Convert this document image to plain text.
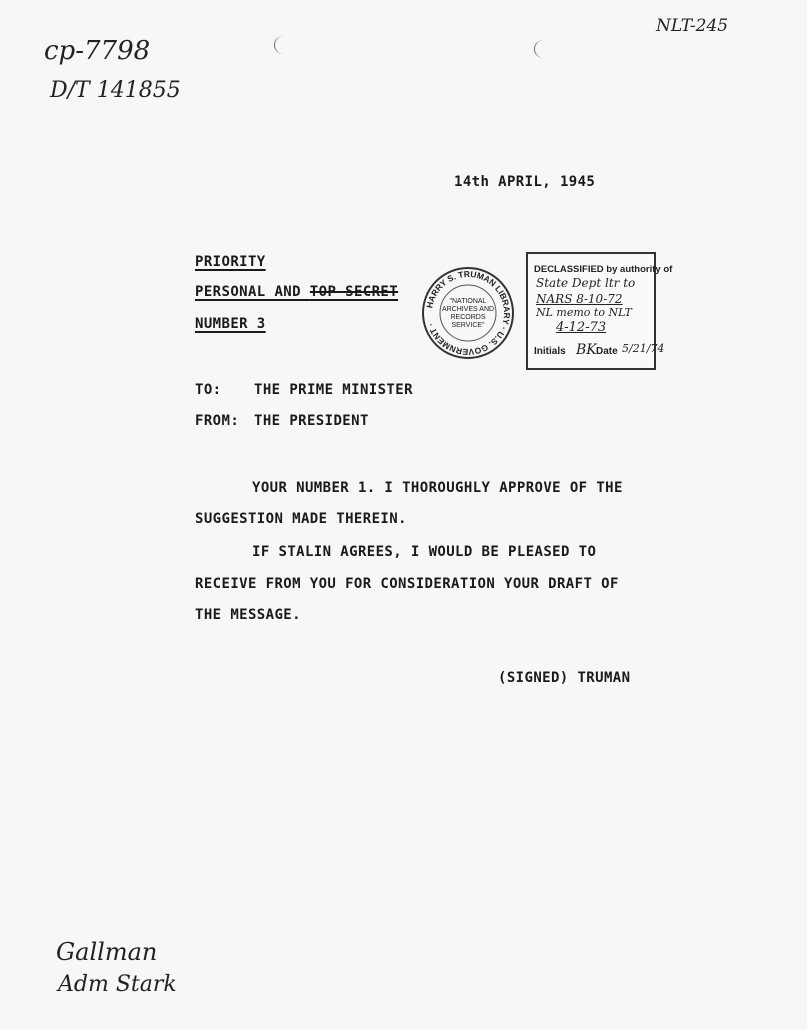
cp-7798
D/T 141855
NLT-245
14th APRIL, 1945
PRIORITY
PERSONAL AND TOP SECRET
NUMBER 3
HARRY S. TRUMAN LIBRARY · U.S. GOVERNMENT ·
"NATIONAL
ARCHIVES AND
RECORDS
SERVICE"
DECLASSIFIED by authority of
State Dept ltr to
NARS 8-10-72
NL memo to NLT
4-12-73
Initials BK Date 5/21/74
TO: THE PRIME MINISTER
FROM: THE PRESIDENT
YOUR NUMBER 1. I THOROUGHLY APPROVE OF THE
SUGGESTION MADE THEREIN.
IF STALIN AGREES, I WOULD BE PLEASED TO
RECEIVE FROM YOU FOR CONSIDERATION YOUR DRAFT OF
THE MESSAGE.
(SIGNED) TRUMAN
Gallman
Adm Stark
